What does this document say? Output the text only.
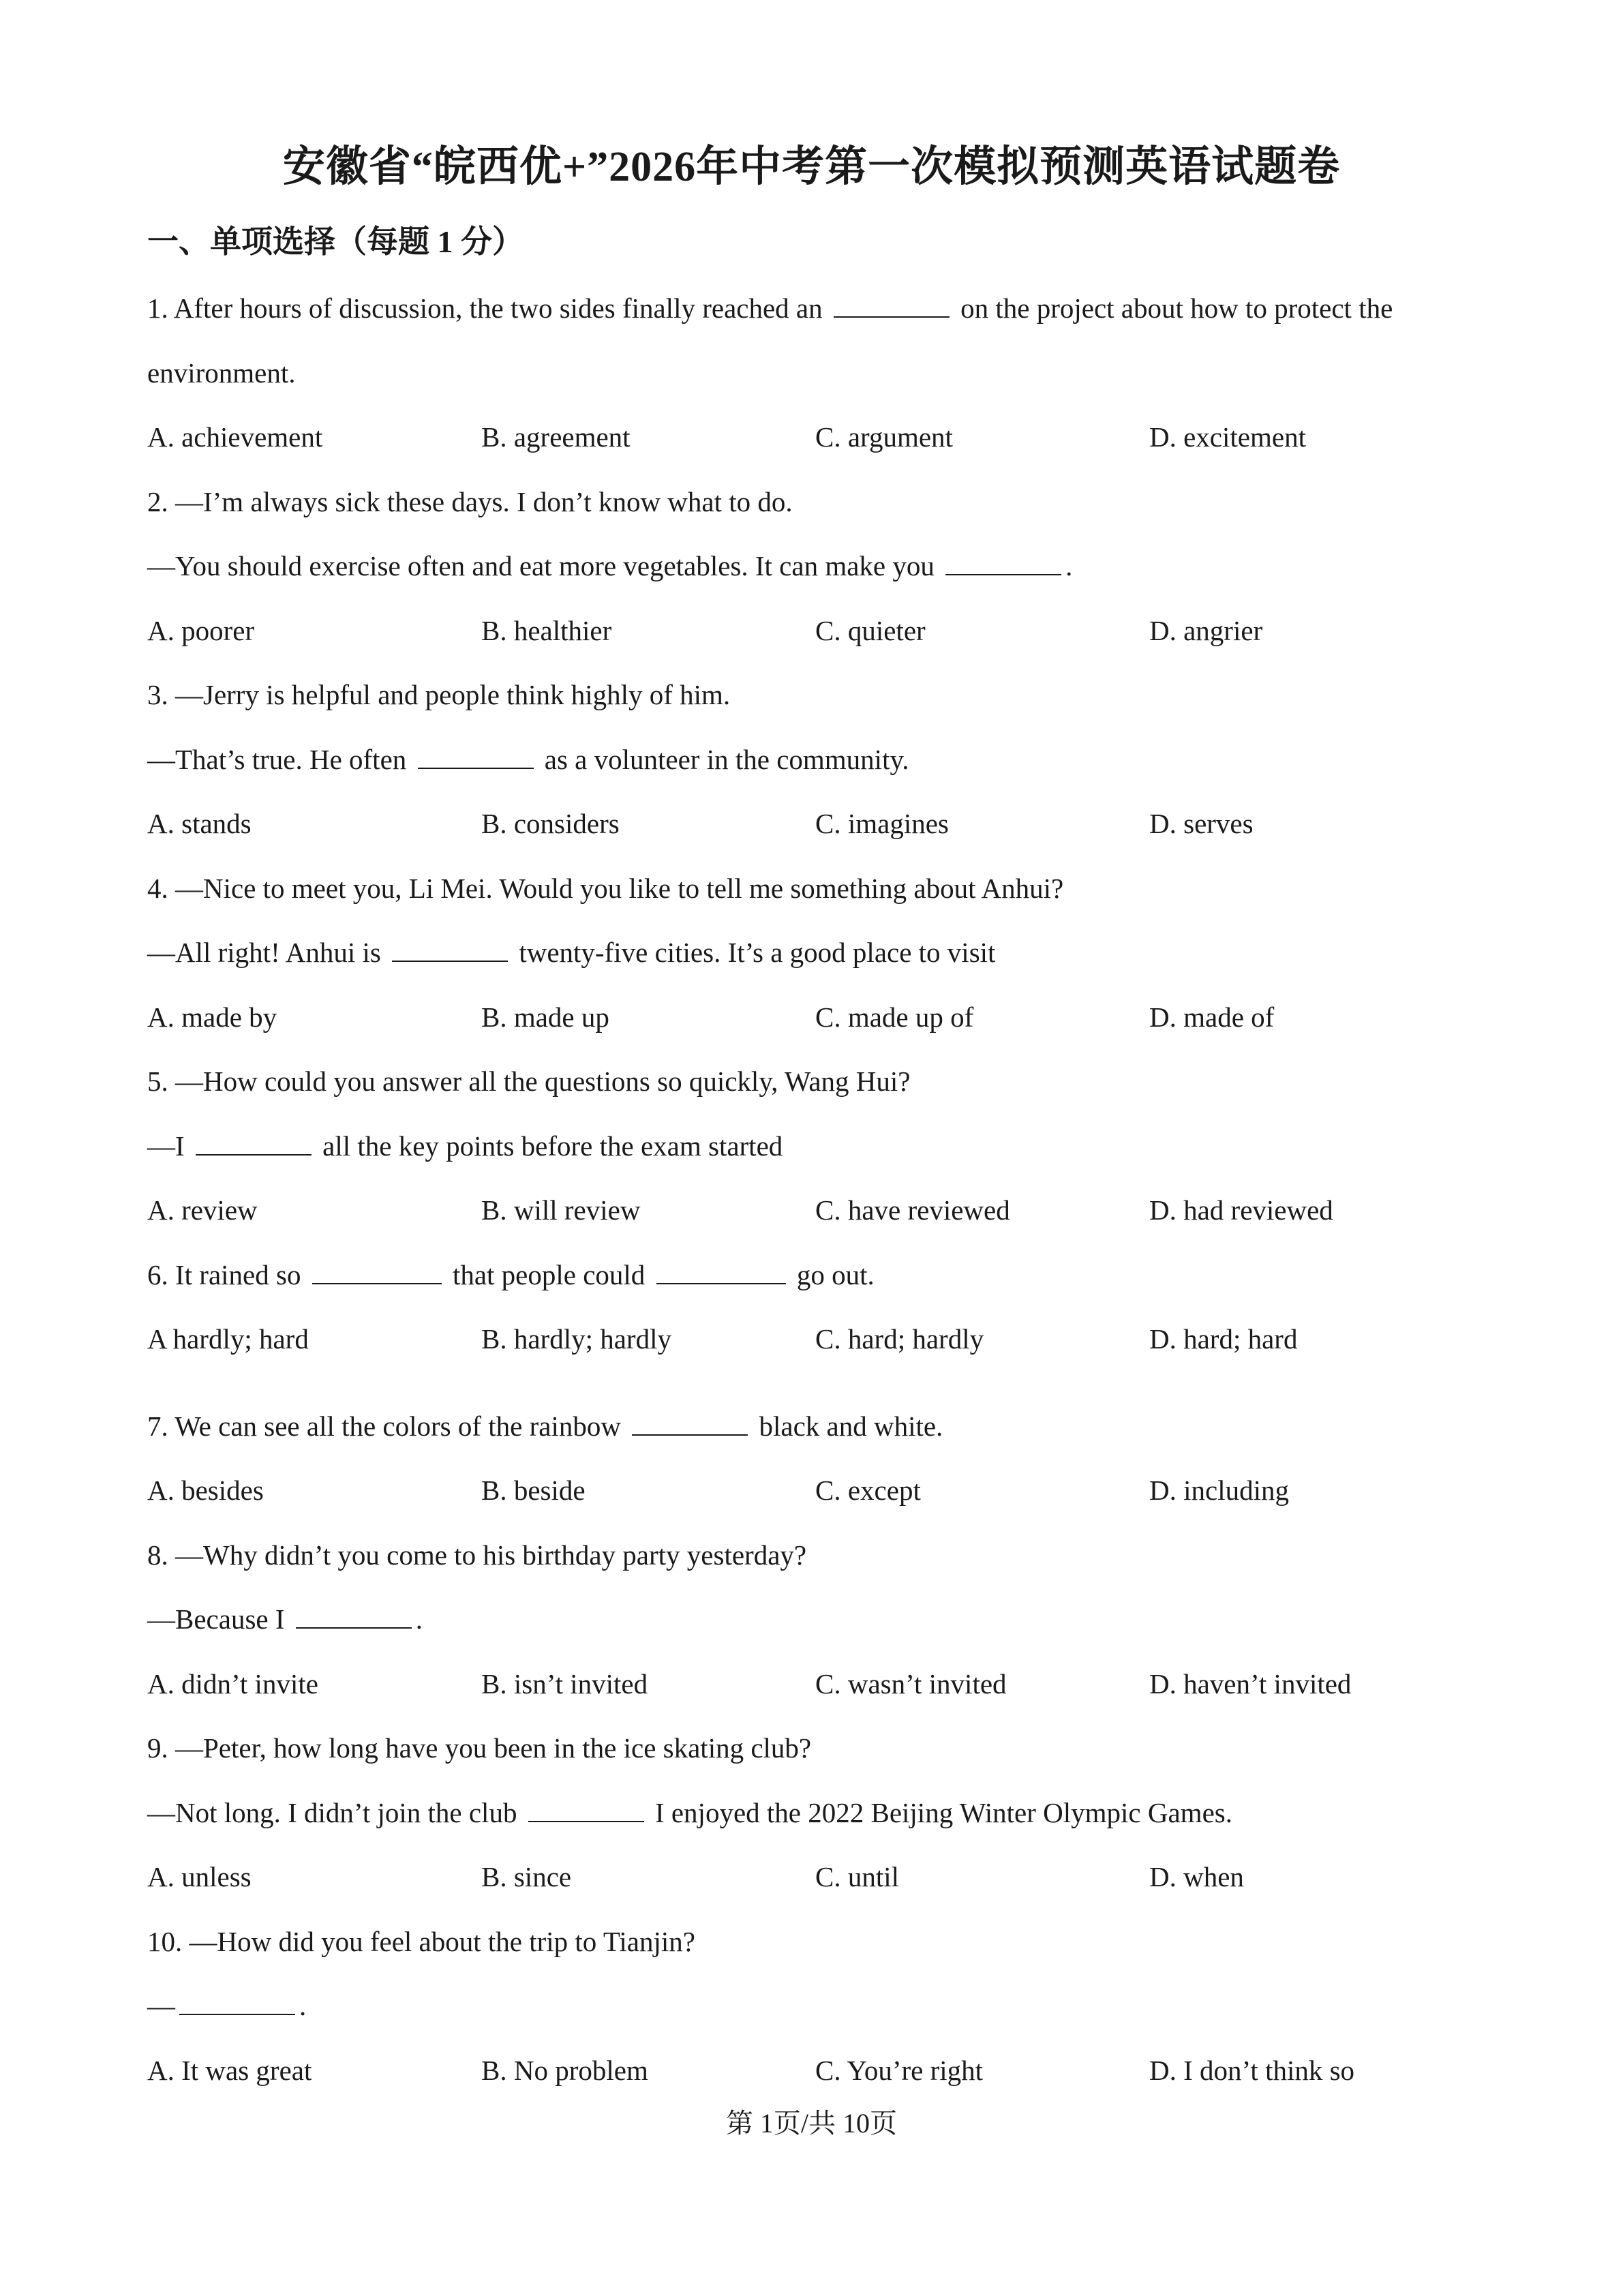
安徽省“皖西优+”2026年中考第一次模拟预测英语试题卷
一、单项选择（每题 1 分）
1. After hours of discussion, the two sides finally reached an	on the project about how to protect the
environment.
A. achievement	B. agreement	C. argument	D. excitement
2. —I’m always sick these days. I don’t know what to do.
—You should exercise often and eat more vegetables. It can make you	.
A. poorer	B. healthier	C. quieter	D. angrier
3. —Jerry is helpful and people think highly of him.
—That’s true. He often	as a volunteer in the community.
A. stands	B. considers	C. imagines	D. serves
4. —Nice to meet you, Li Mei. Would you like to tell me something about Anhui?
—All right! Anhui is	twenty-five cities. It’s a good place to visit
A. made by	B. made up	C. made up of	D. made of
5. —How could you answer all the questions so quickly, Wang Hui?
—I	all the key points before the exam started
A. review	B. will review	C. have reviewed	D. had reviewed
6. It rained so	that people could	go out.
A hardly; hard	B. hardly; hardly	C. hard; hardly	D. hard; hard
7. We can see all the colors of the rainbow	black and white.
A. besides	B. beside	C. except	D. including
8. —Why didn’t you come to his birthday party yesterday?
—Because I	.
A. didn’t invite	B. isn’t invited	C. wasn’t invited	D. haven’t invited
9. —Peter, how long have you been in the ice skating club?
—Not long. I didn’t join the club	I enjoyed the 2022 Beijing Winter Olympic Games.
A. unless	B. since	C. until	D. when
10. —How did you feel about the trip to Tianjin?
—	.
A. It was great	B. No problem	C. You’re right	D. I don’t think so
第 1页/共 10页
